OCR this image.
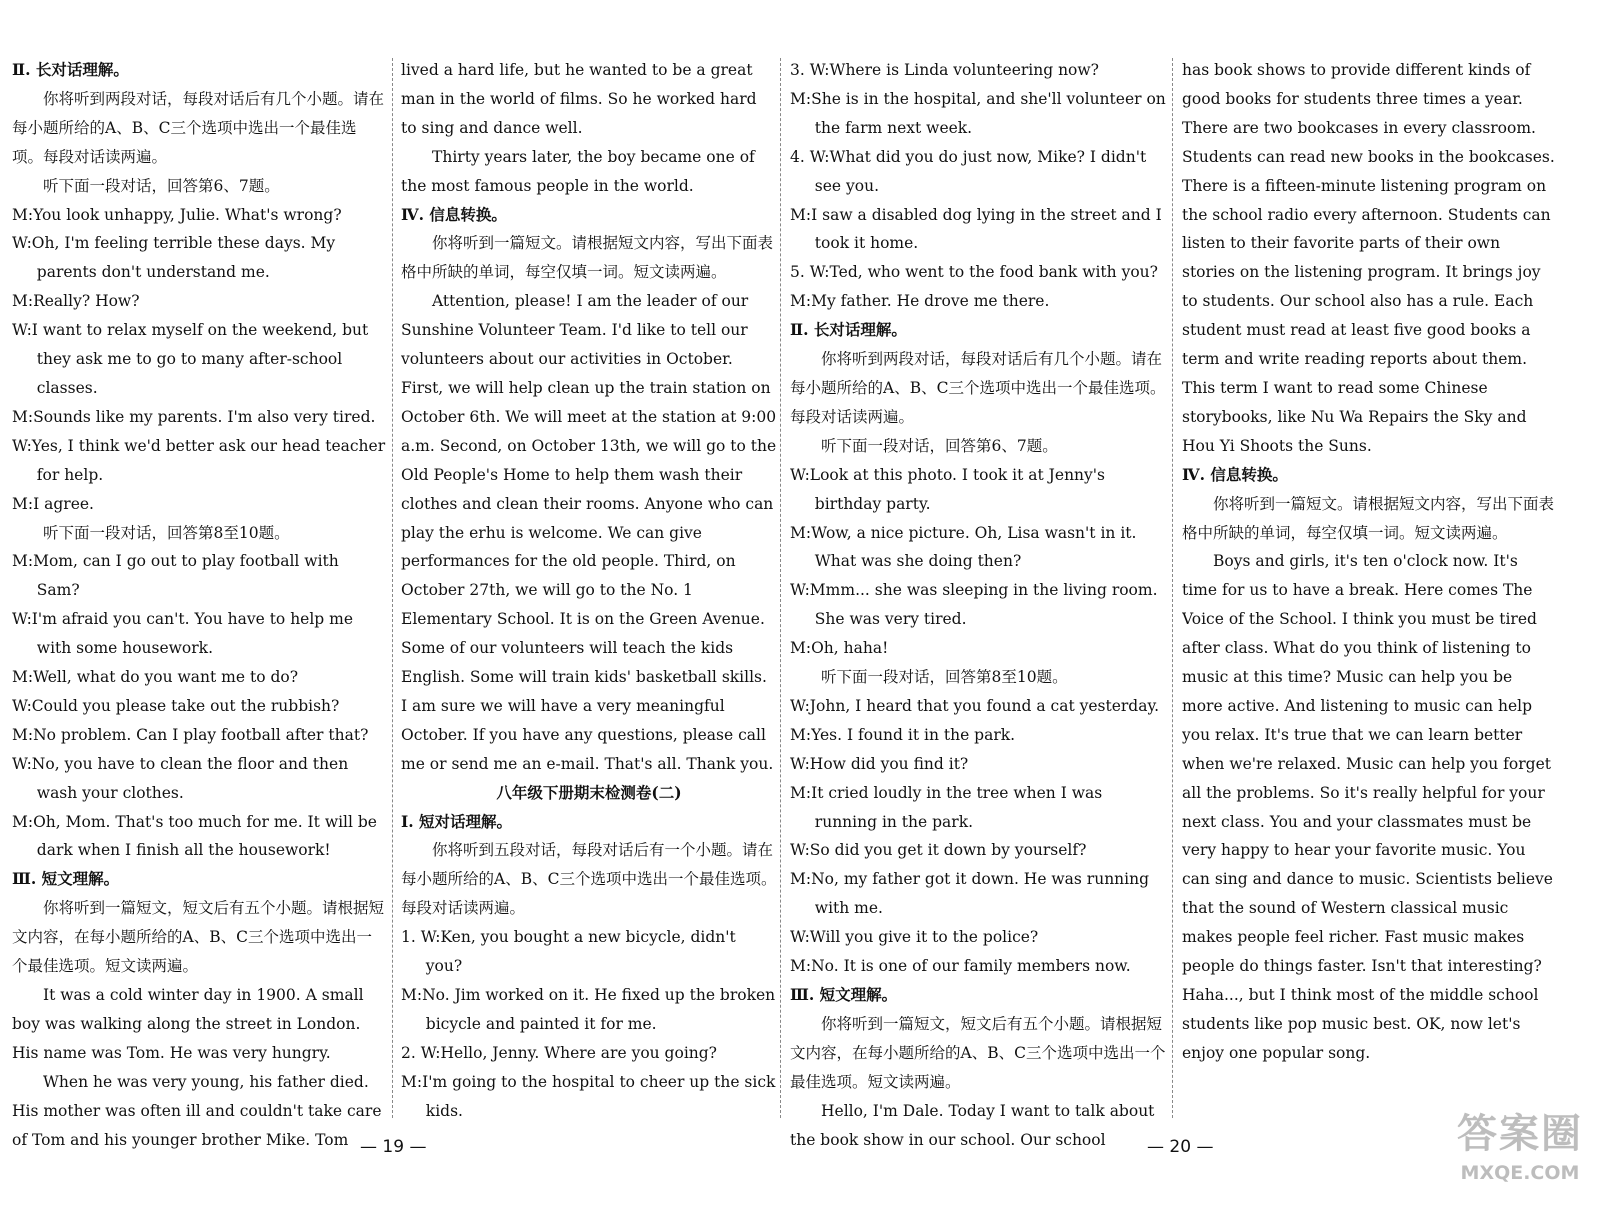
Ⅱ. 长对话理解。

你将听到两段对话，每段对话后有几个小题。请在每小题所给的A、B、C三个选项中选出一个最佳选项。每段对话读两遍。

听下面一段对话，回答第6、7题。

M:You look unhappy, Julie. What's wrong?

W:Oh, I'm feeling terrible these days. My parents don't understand me.

M:Really? How?

W:I want to relax myself on the weekend, but they ask me to go to many after-school classes.

M:Sounds like my parents. I'm also very tired.

W:Yes, I think we'd better ask our head teacher for help.

M:I agree.

听下面一段对话，回答第8至10题。

M:Mom, can I go out to play football with Sam?

W:I'm afraid you can't. You have to help me with some housework.

M:Well, what do you want me to do?

W:Could you please take out the rubbish?

M:No problem. Can I play football after that?

W:No, you have to clean the floor and then wash your clothes.

M:Oh, Mom. That's too much for me. It will be dark when I finish all the housework!

Ⅲ. 短文理解。

你将听到一篇短文，短文后有五个小题。请根据短文内容，在每小题所给的A、B、C三个选项中选出一个最佳选项。短文读两遍。

It was a cold winter day in 1900. A small boy was walking along the street in London. His name was Tom. He was very hungry.

When he was very young, his father died. His mother was often ill and couldn't take care of Tom and his younger brother Mike. Tom

lived a hard life, but he wanted to be a great man in the world of films. So he worked hard to sing and dance well.

Thirty years later, the boy became one of the most famous people in the world.

Ⅳ. 信息转换。

你将听到一篇短文。请根据短文内容，写出下面表格中所缺的单词，每空仅填一词。短文读两遍。

Attention, please! I am the leader of our Sunshine Volunteer Team. I'd like to tell our volunteers about our activities in October. First, we will help clean up the train station on October 6th. We will meet at the station at 9:00 a.m. Second, on October 13th, we will go to the Old People's Home to help them wash their clothes and clean their rooms. Anyone who can play the erhu is welcome. We can give performances for the old people. Third, on October 27th, we will go to the No. 1 Elementary School. It is on the Green Avenue. Some of our volunteers will teach the kids English. Some will train kids' basketball skills. I am sure we will have a very meaningful October. If you have any questions, please call me or send me an e-mail. That's all. Thank you.

八年级下册期末检测卷(二)

Ⅰ. 短对话理解。

你将听到五段对话，每段对话后有一个小题。请在每小题所给的A、B、C三个选项中选出一个最佳选项。每段对话读两遍。

1. W:Ken, you bought a new bicycle, didn't you?

M:No. Jim worked on it. He fixed up the broken bicycle and painted it for me.

2. W:Hello, Jenny. Where are you going?

M:I'm going to the hospital to cheer up the sick kids.

3. W:Where is Linda volunteering now?

M:She is in the hospital, and she'll volunteer on the farm next week.

4. W:What did you do just now, Mike? I didn't see you.

M:I saw a disabled dog lying in the street and I took it home.

5. W:Ted, who went to the food bank with you?

M:My father. He drove me there.

Ⅱ. 长对话理解。

你将听到两段对话，每段对话后有几个小题。请在每小题所给的A、B、C三个选项中选出一个最佳选项。每段对话读两遍。

听下面一段对话，回答第6、7题。

W:Look at this photo. I took it at Jenny's birthday party.

M:Wow, a nice picture. Oh, Lisa wasn't in it. What was she doing then?

W:Mmm... she was sleeping in the living room. She was very tired.

M:Oh, haha!

听下面一段对话，回答第8至10题。

W:John, I heard that you found a cat yesterday.

M:Yes. I found it in the park.

W:How did you find it?

M:It cried loudly in the tree when I was running in the park.

W:So did you get it down by yourself?

M:No, my father got it down. He was running with me.

W:Will you give it to the police?

M:No. It is one of our family members now.

Ⅲ. 短文理解。

你将听到一篇短文，短文后有五个小题。请根据短文内容，在每小题所给的A、B、C三个选项中选出一个最佳选项。短文读两遍。

Hello, I'm Dale. Today I want to talk about the book show in our school. Our school

has book shows to provide different kinds of good books for students three times a year. There are two bookcases in every classroom. Students can read new books in the bookcases. There is a fifteen-minute listening program on the school radio every afternoon. Students can listen to their favorite parts of their own stories on the listening program. It brings joy to students. Our school also has a rule. Each student must read at least five good books a term and write reading reports about them. This term I want to read some Chinese storybooks, like Nu Wa Repairs the Sky and Hou Yi Shoots the Suns.

Ⅳ. 信息转换。

你将听到一篇短文。请根据短文内容，写出下面表格中所缺的单词，每空仅填一词。短文读两遍。

Boys and girls, it's ten o'clock now. It's time for us to have a break. Here comes The Voice of the School. I think you must be tired after class. What do you think of listening to music at this time? Music can help you be more active. And listening to music can help you relax. It's true that we can learn better when we're relaxed. Music can help you forget all the problems. So it's really helpful for your next class. You and your classmates must be very happy to hear your favorite music. You can sing and dance to music. Scientists believe that the sound of Western classical music makes people feel richer. Fast music makes people do things faster. Isn't that interesting? Haha..., but I think most of the middle school students like pop music best. OK, now let's enjoy one popular song.

— 19 —	— 20 —	答案圈
MXQE.COM
